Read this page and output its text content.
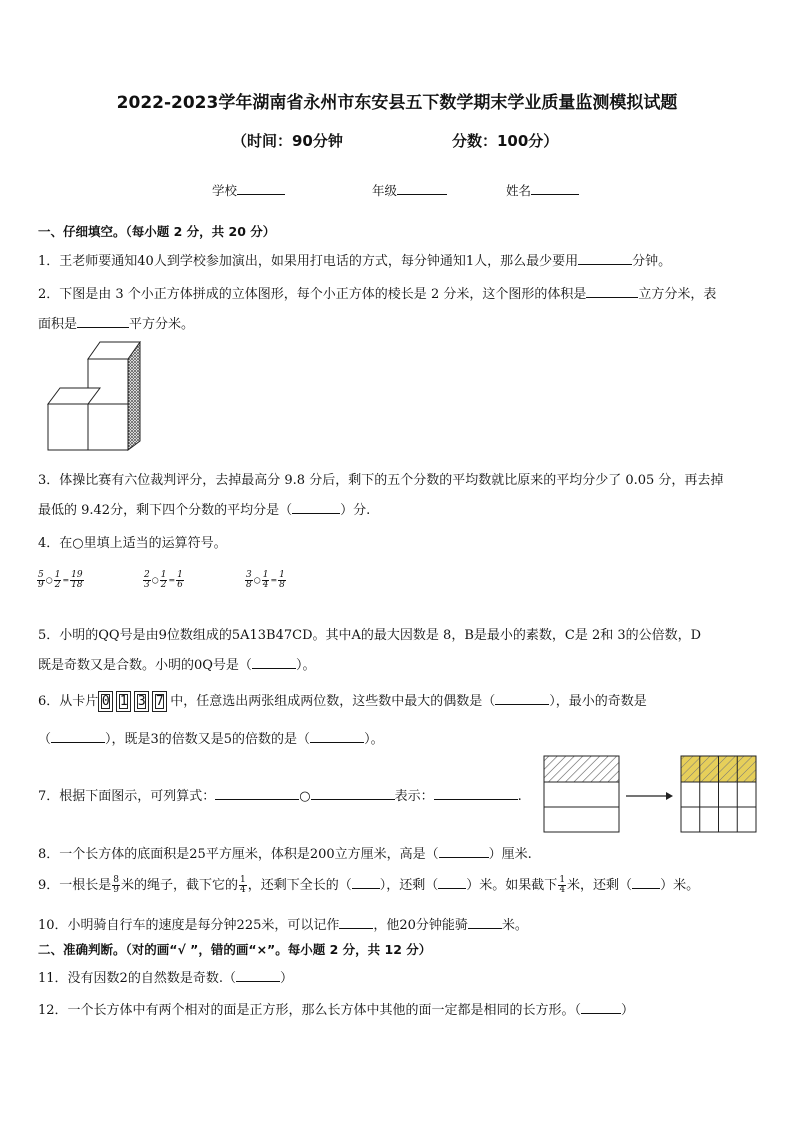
2022-2023学年湖南省永州市东安县五下数学期末学业质量监测模拟试题
（时间：90分钟	分数：100分）
学校	年级	姓名
一、仔细填空。（每小题 2 分，共 20 分）
1．王老师要通知40人到学校参加演出，如果用打电话的方式，每分钟通知1人，那么最少要用	分钟。
2．下图是由 3 个小正方体拼成的立体图形，每个小正方体的棱长是 2 分米，这个图形的体积是	立方分米，表
面积是	平方分米。
3．体操比赛有六位裁判评分，去掉最高分 9.8 分后，剩下的五个分数的平均数就比原来的平均分少了 0.05 分，再去掉
最低的 9.42分，剩下四个分数的平均分是（	）分.
4．在○里填上适当的运算符号。
$\frac{5}{9}$ ○ $\frac{1}{2} = \frac{19}{18}$	$\frac{2}{3}$ ○ $\frac{1}{2} = \frac{1}{6}$	$\frac{3}{8}$ ○ $\frac{1}{4} = \frac{1}{8}$
5．小明的QQ号是由9位数组成的5A13B47CD。其中A的最大因数是 8，B是最小的素数，C是 2和 3的公倍数，D
既是奇数又是合数。小明的0Q号是（	）。
6．从卡片 0 1 3 7 中，任意选出两张组成两位数，这些数中最大的偶数是（	），最小的奇数是
（	），既是3的倍数又是5的倍数的是（	）。
7．根据下面图示，可列算式：	○	表示：	.
8．一个长方体的底面积是25平方厘米，体积是200立方厘米，高是（	）厘米.
9．一根长是 $\frac{8}{9}$ 米的绳子，截下它的 $\frac{1}{4}$ ，还剩下全长的（ ），还剩（ ）米。如果截下 $\frac{1}{4}$ 米，还剩（ ）米。
10．小明骑自行车的速度是每分钟225米，可以记作	，他20分钟能骑	米。
二、准确判断。（对的画“√ ”，错的画“×”。每小题 2 分，共 12 分）
11．没有因数2的自然数是奇数.（	）
12．一个长方体中有两个相对的面是正方形，那么长方体中其他的面一定都是相同的长方形。（	）
